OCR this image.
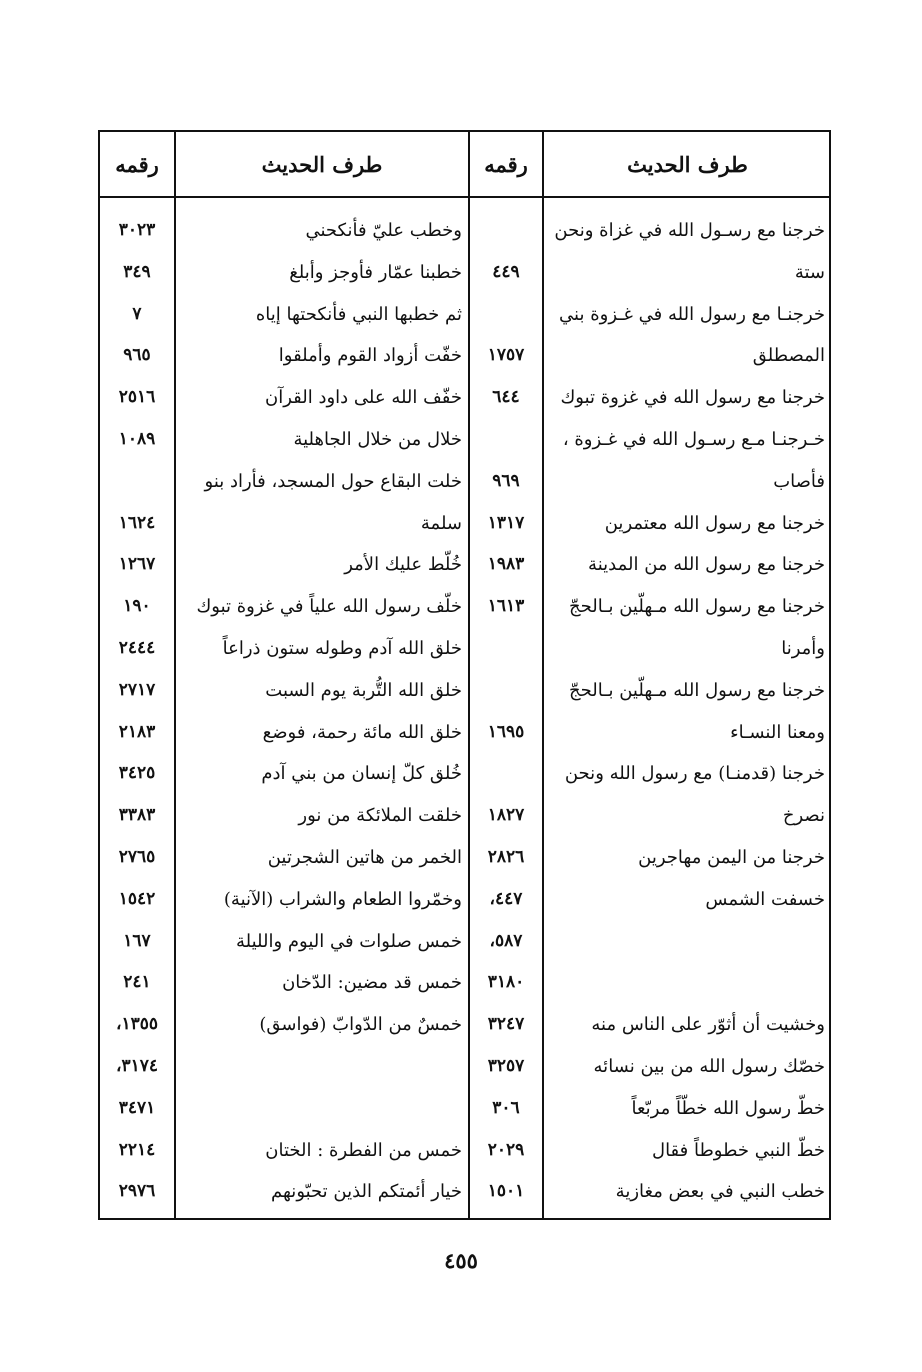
طرف الحديث
رقمه
طرف الحديث
رقمه
خرجنا مع رسـول الله في غزاة ونحن
ستة
خرجنـا مع رسول الله في غـزوة بني
المصطلق
خرجنا مع رسول الله في غزوة تبوك
خـرجنـا مـع رسـول الله في غـزوة ،
فأصاب
خرجنا مع رسول الله معتمرين
خرجنا مع رسول الله من المدينة
خرجنا مع رسول الله مـهلّين بـالحجّ
وأمرنا
خرجنا مع رسول الله مـهلّين بـالحجّ
ومعنا النسـاء
خرجنا (قدمنـا) مع رسول الله ونحن
نصرخ
خرجنا من اليمن مهاجرين
خسفت الشمس
وخشيت أن أثوّر على الناس منه
خصّك رسول الله من بين نسائه
خطّ رسول الله خطّاً مربّعاً
خطّ النبي خطوطاً فقال
خطب النبي في بعض مغازية
٤٤٩
١٧٥٧
٦٤٤
٩٦٩
١٣١٧
١٩٨٣
١٦١٣
١٦٩٥
١٨٢٧
٢٨٢٦
٤٤٧،
٥٨٧،
٣١٨٠
٣٢٤٧
٣٢٥٧
٣٠٦
٢٠٢٩
١٥٠١
وخطب عليّ فأنكحني
خطبنا عمّار فأوجز وأبلغ
ثم خطبها النبي فأنكحتها إياه
خفّت أزواد القوم وأملقوا
خفّف الله على داود القرآن
خلال من خلال الجاهلية
خلت البقاع حول المسجد، فأراد بنو
سلمة
خُلّط عليك الأمر
خلّف رسول الله علياً في غزوة تبوك
خلق الله آدم وطوله ستون ذراعاً
خلق الله التُّربة يوم السبت
خلق الله مائة رحمة، فوضع
خُلق كلّ إنسان من بني آدم
خلقت الملائكة من نور
الخمر من هاتين الشجرتين
وخمّروا الطعام والشراب (الآنية)
خمس صلوات في اليوم والليلة
خمس قد مضين: الدّخان
خمسٌ من الدّوابّ (فواسق)
خمس من الفطرة : الختان
خيار أئمتكم الذين تحبّونهم
٣٠٢٣
٣٤٩
٧
٩٦٥
٢٥١٦
١٠٨٩
١٦٢٤
١٢٦٧
١٩٠
٢٤٤٤
٢٧١٧
٢١٨٣
٣٤٢٥
٣٣٨٣
٢٧٦٥
١٥٤٢
١٦٧
٢٤١
١٣٥٥،
٣١٧٤،
٣٤٧١
٢٢١٤
٢٩٧٦
٤٥٥
